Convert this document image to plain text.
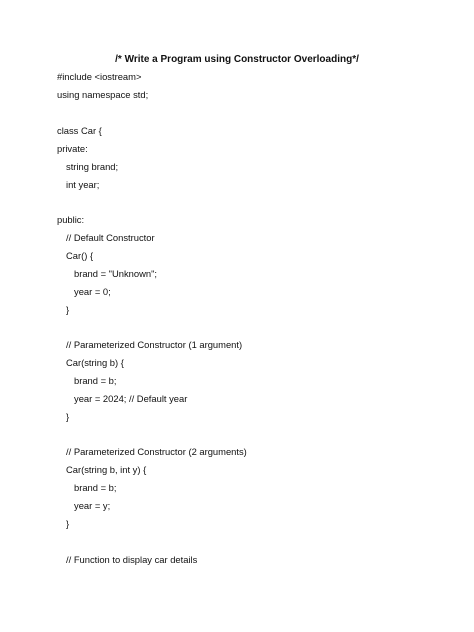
/* Write a Program using Constructor Overloading*/
#include <iostream>
using namespace std;
class Car {
private:
string brand;
int year;
public:
// Default Constructor
Car() {
brand = "Unknown";
year = 0;
}
// Parameterized Constructor (1 argument)
Car(string b) {
brand = b;
year = 2024; // Default year
}
// Parameterized Constructor (2 arguments)
Car(string b, int y) {
brand = b;
year = y;
}
// Function to display car details
